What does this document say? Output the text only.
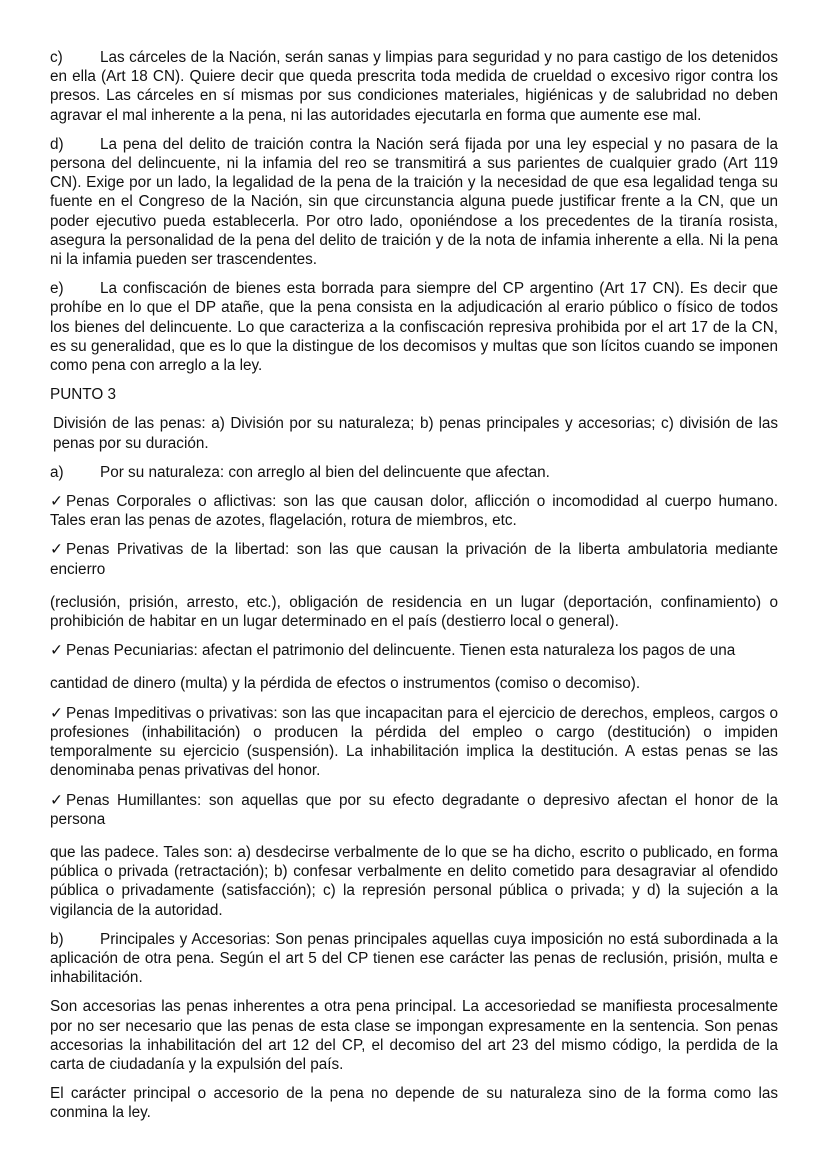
c) Las cárceles de la Nación, serán sanas y limpias para seguridad y no para castigo de los detenidos en ella (Art 18 CN). Quiere decir que queda prescrita toda medida de crueldad o excesivo rigor contra los presos. Las cárceles en sí mismas por sus condiciones materiales, higiénicas y de salubridad no deben agravar el mal inherente a la pena, ni las autoridades ejecutarla en forma que aumente ese mal.

d) La pena del delito de traición contra la Nación será fijada por una ley especial y no pasara de la persona del delincuente, ni la infamia del reo se transmitirá a sus parientes de cualquier grado (Art 119 CN). Exige por un lado, la legalidad de la pena de la traición y la necesidad de que esa legalidad tenga su fuente en el Congreso de la Nación, sin que circunstancia alguna puede justificar frente a la CN, que un poder ejecutivo pueda establecerla. Por otro lado, oponiéndose a los precedentes de la tiranía rosista, asegura la personalidad de la pena del delito de traición y de la nota de infamia inherente a ella. Ni la pena ni la infamia pueden ser trascendentes.

e) La confiscación de bienes esta borrada para siempre del CP argentino (Art 17 CN). Es decir que prohíbe en lo que el DP atañe, que la pena consista en la adjudicación al erario público o físico de todos los bienes del delincuente. Lo que caracteriza a la confiscación represiva prohibida por el art 17 de la CN, es su generalidad, que es lo que la distingue de los decomisos y multas que son lícitos cuando se imponen como pena con arreglo a la ley.

PUNTO 3

División de las penas: a) División por su naturaleza; b) penas principales y accesorias; c) división de las penas por su duración.

a) Por su naturaleza: con arreglo al bien del delincuente que afectan.

✓ Penas Corporales o aflictivas: son las que causan dolor, aflicción o incomodidad al cuerpo humano. Tales eran las penas de azotes, flagelación, rotura de miembros, etc.

✓ Penas Privativas de la libertad: son las que causan la privación de la liberta ambulatoria mediante encierro

(reclusión, prisión, arresto, etc.), obligación de residencia en un lugar (deportación, confinamiento) o prohibición de habitar en un lugar determinado en el país (destierro local o general).

✓ Penas Pecuniarias: afectan el patrimonio del delincuente. Tienen esta naturaleza los pagos de una

cantidad de dinero (multa) y la pérdida de efectos o instrumentos (comiso o decomiso).

✓ Penas Impeditivas o privativas: son las que incapacitan para el ejercicio de derechos, empleos, cargos o profesiones (inhabilitación) o producen la pérdida del empleo o cargo (destitución) o impiden temporalmente su ejercicio (suspensión). La inhabilitación implica la destitución. A estas penas se las denominaba penas privativas del honor.

✓ Penas Humillantes: son aquellas que por su efecto degradante o depresivo afectan el honor de la persona

que las padece. Tales son: a) desdecirse verbalmente de lo que se ha dicho, escrito o publicado, en forma pública o privada (retractación); b) confesar verbalmente en delito cometido para desagraviar al ofendido pública o privadamente (satisfacción); c) la represión personal pública o privada; y d) la sujeción a la vigilancia de la autoridad.

b) Principales y Accesorias: Son penas principales aquellas cuya imposición no está subordinada a la aplicación de otra pena. Según el art 5 del CP tienen ese carácter las penas de reclusión, prisión, multa e inhabilitación.

Son accesorias las penas inherentes a otra pena principal. La accesoriedad se manifiesta procesalmente por no ser necesario que las penas de esta clase se impongan expresamente en la sentencia. Son penas accesorias la inhabilitación del art 12 del CP, el decomiso del art 23 del mismo código, la perdida de la carta de ciudadanía y la expulsión del país.

El carácter principal o accesorio de la pena no depende de su naturaleza sino de la forma como las conmina la ley.
